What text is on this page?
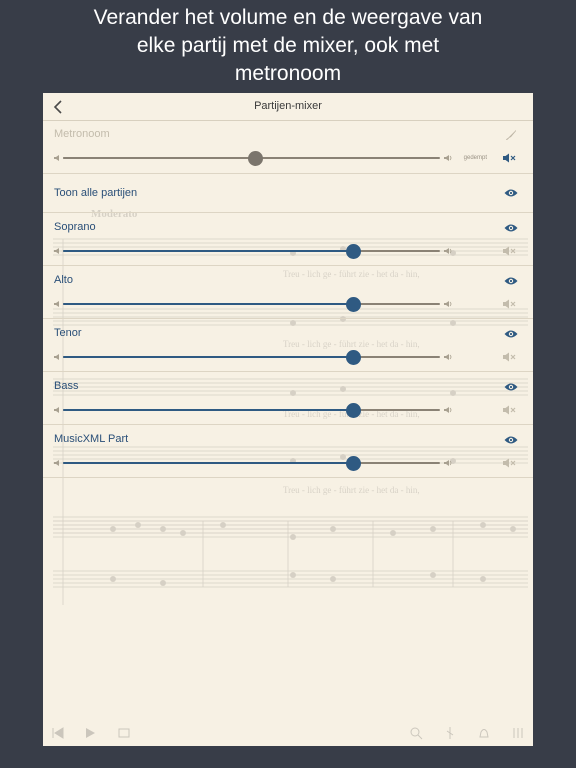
Verander het volume en de weergave van
elke partij met de mixer, ook met
metronoom
Moderato
Treu - lich ge - führt zie - het da - hin,
Treu - lich ge - führt zie - het da - hin,
Treu - lich ge - zie - het da - hin,
Treu - lich ge - führt zie - het da - hin,
Partijen-mixer
Metronoom
gedempt
Toon alle partijen
Soprano
Alto
Tenor
Bass
MusicXML Part
